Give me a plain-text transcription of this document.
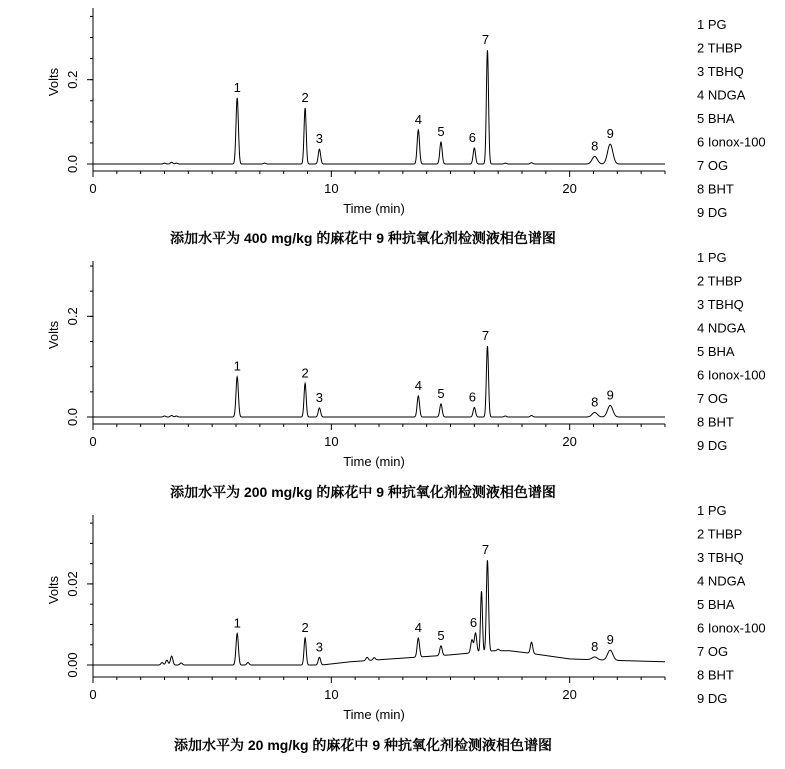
0	10	20
0.0
0.2
Time (min)
Volts	1
2
3
4
5 6
7
8
9
添加水平为 400 mg/kg 的麻花中 9 种抗氧化剂检测液相色谱图
1 PG
2 THBP
3 TBHQ
4 NDGA
5 BHA
6 Ionox-100
7 OG
8 BHT
9 DG
0	10	20
0.0
0.2
Time (min)
Volts
1	2
3
4
5 6
7
8 9
添加水平为 200 mg/kg 的麻花中 9 种抗氧化剂检测液相色谱图
1 PG
2 THBP
3 TBHQ
4 NDGA
5 BHA
6 Ionox-100
7 OG
8 BHT
9 DG
0	10	20
0.00
0.02
Time (min)
Volts
1	2
3
4
5
6
7
8 9
添加水平为 20 mg/kg 的麻花中 9 种抗氧化剂检测液相色谱图
1 PG
2 THBP
3 TBHQ
4 NDGA
5 BHA
6 Ionox-100
7 OG
8 BHT
9 DG
